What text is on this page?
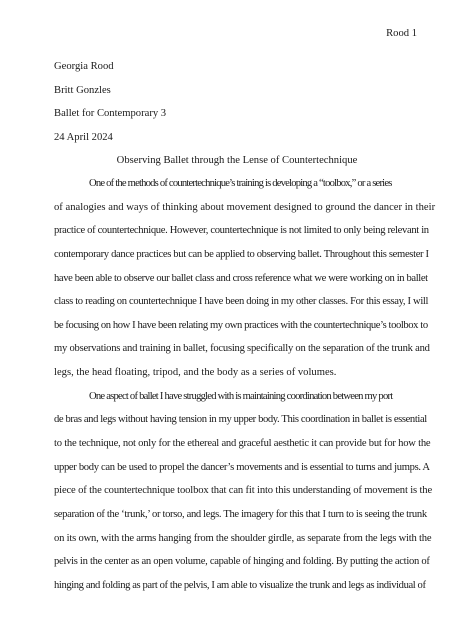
Rood 1
Georgia Rood
Britt Gonzles
Ballet for Contemporary 3
24 April 2024
Observing Ballet through the Lense of Countertechnique
One of the methods of countertechnique’s training is developing a “toolbox,” or a series
of analogies and ways of thinking about movement designed to ground the dancer in their
practice of countertechnique. However, countertechnique is not limited to only being relevant in
contemporary dance practices but can be applied to observing ballet. Throughout this semester I
have been able to observe our ballet class and cross reference what we were working on in ballet
class to reading on countertechnique I have been doing in my other classes. For this essay, I will
be focusing on how I have been relating my own practices with the countertechnique’s toolbox to
my observations and training in ballet, focusing specifically on the separation of the trunk and
legs, the head floating, tripod, and the body as a series of volumes.
One aspect of ballet I have struggled with is maintaining coordination between my port
de bras and legs without having tension in my upper body. This coordination in ballet is essential
to the technique, not only for the ethereal and graceful aesthetic it can provide but for how the
upper body can be used to propel the dancer’s movements and is essential to turns and jumps. A
piece of the countertechnique toolbox that can fit into this understanding of movement is the
separation of the ‘trunk,’ or torso, and legs. The imagery for this that I turn to is seeing the trunk
on its own, with the arms hanging from the shoulder girdle, as separate from the legs with the
pelvis in the center as an open volume, capable of hinging and folding. By putting the action of
hinging and folding as part of the pelvis, I am able to visualize the trunk and legs as individual of
